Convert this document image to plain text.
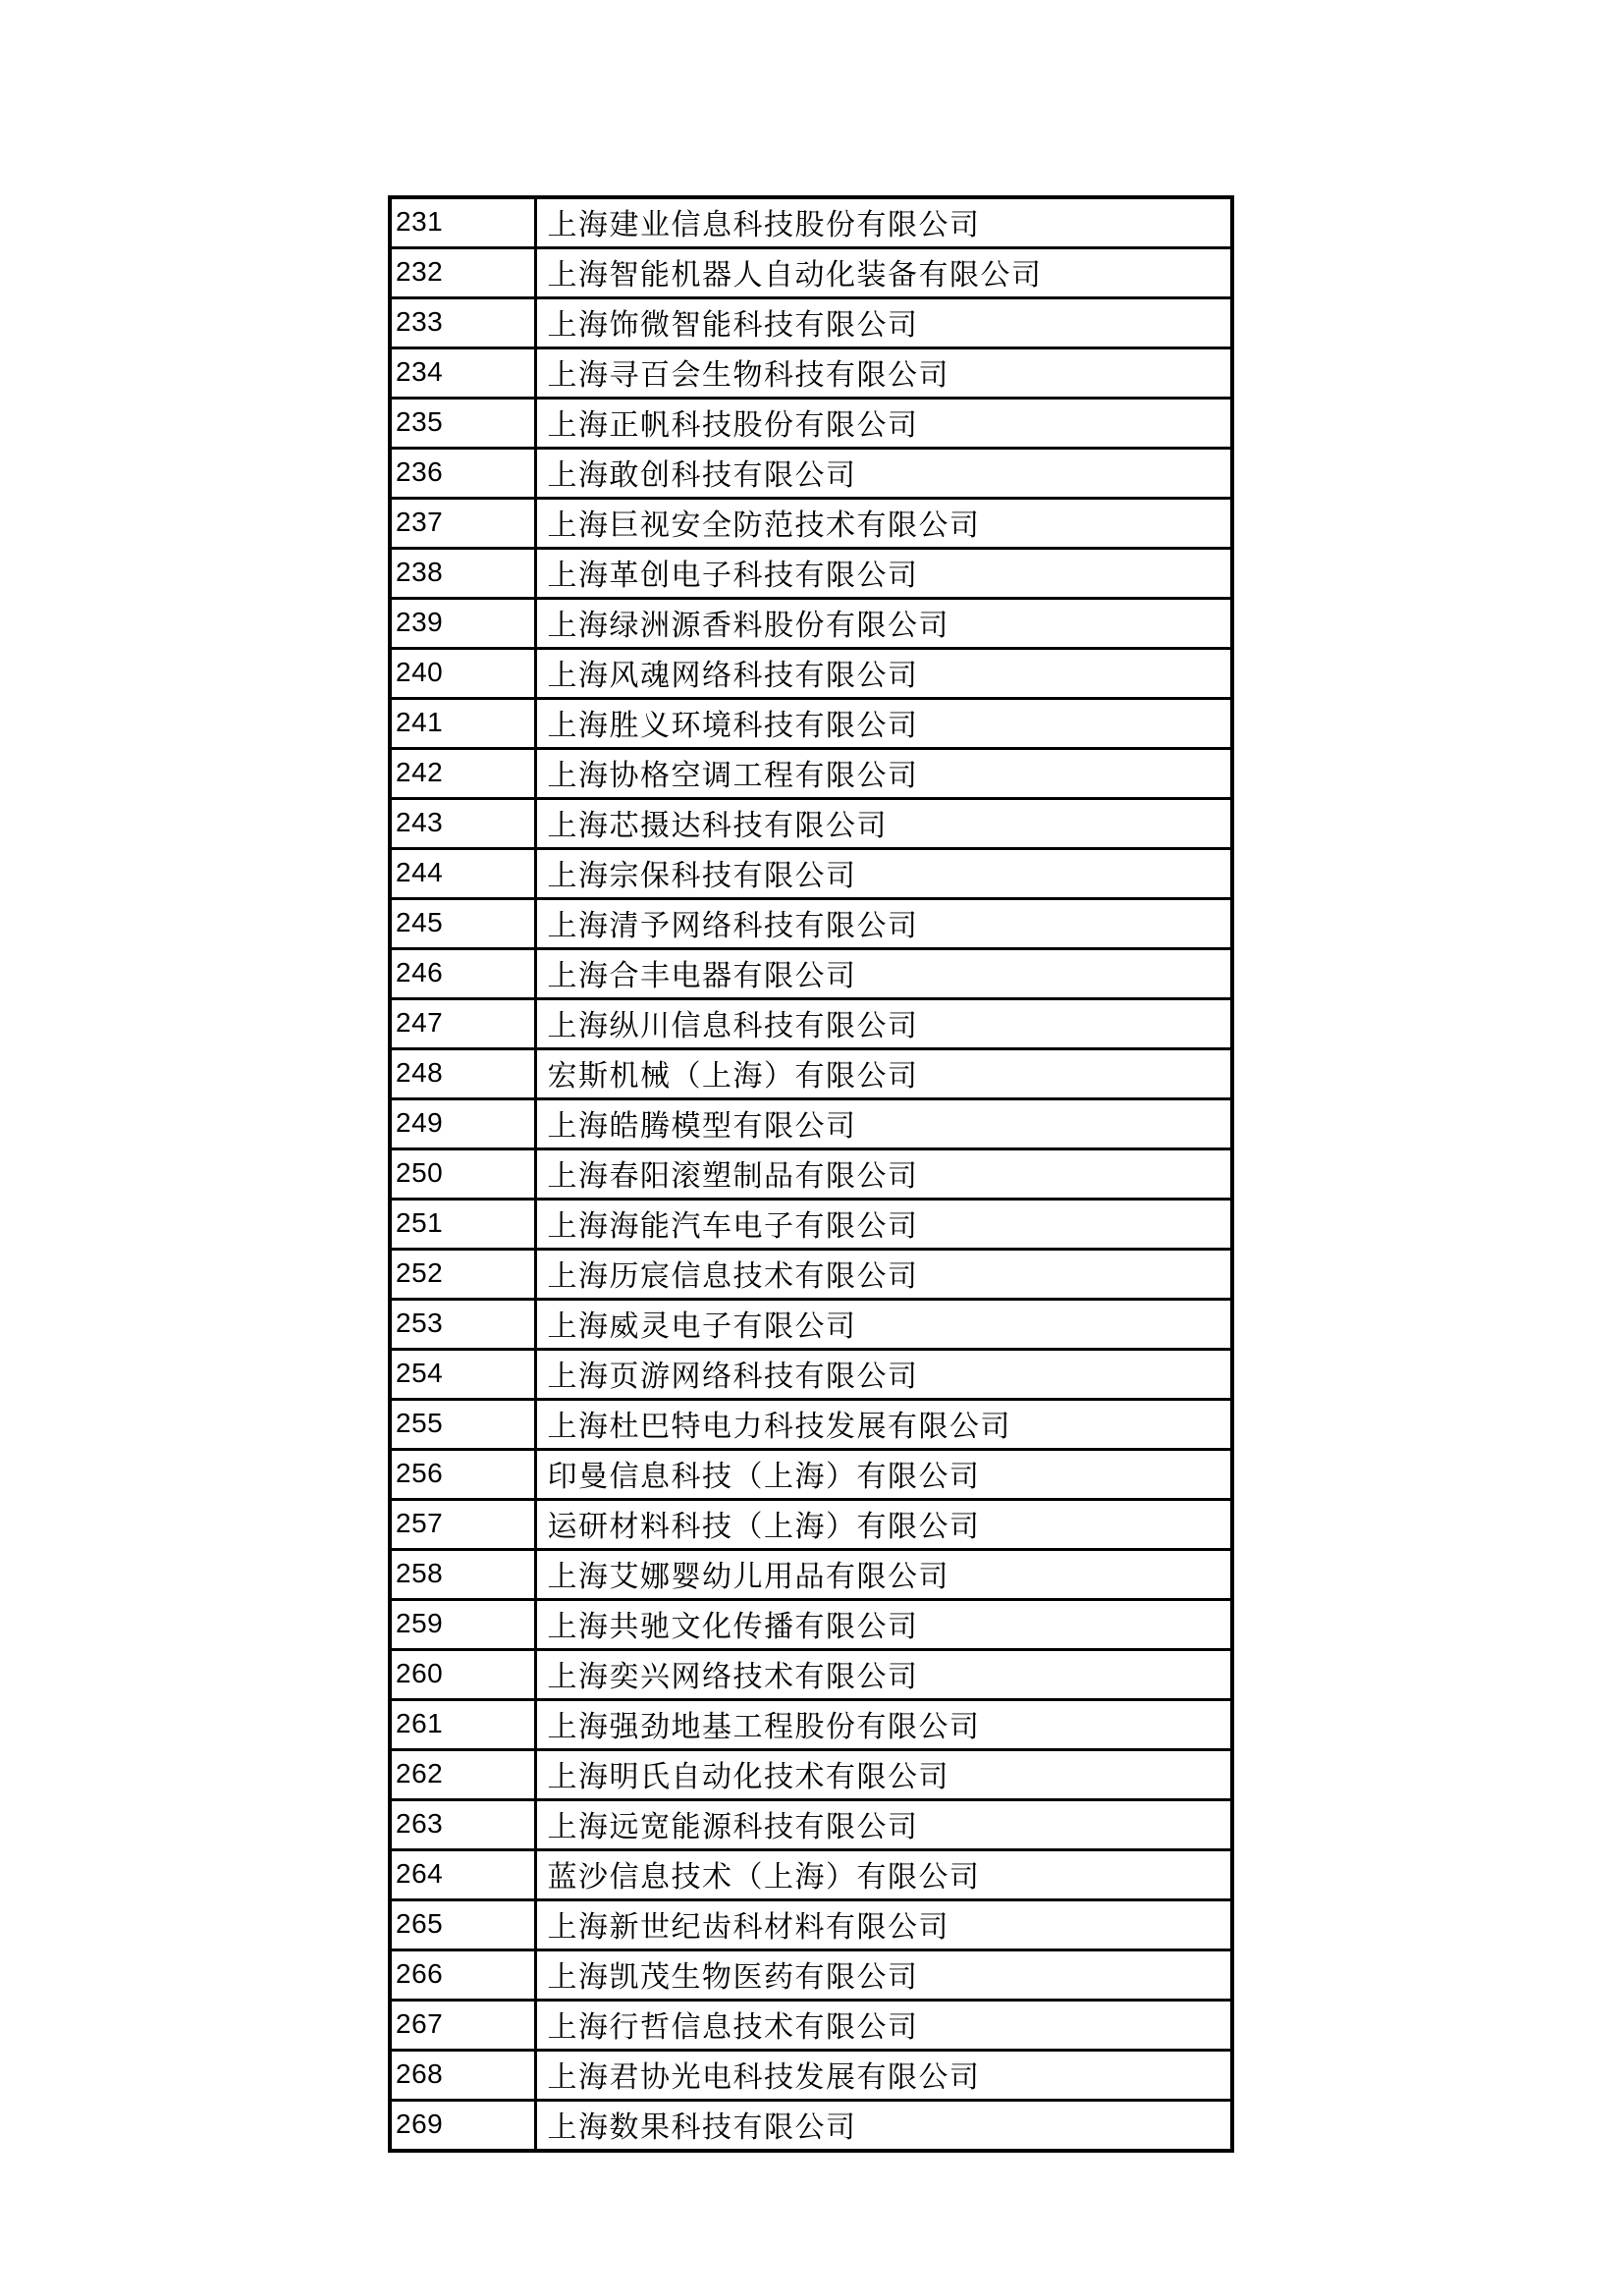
231	上海建业信息科技股份有限公司
232	上海智能机器人自动化装备有限公司
233	上海饰微智能科技有限公司
234	上海寻百会生物科技有限公司
235	上海正帆科技股份有限公司
236	上海敢创科技有限公司
237	上海巨视安全防范技术有限公司
238	上海革创电子科技有限公司
239	上海绿洲源香料股份有限公司
240	上海风魂网络科技有限公司
241	上海胜义环境科技有限公司
242	上海协格空调工程有限公司
243	上海芯摄达科技有限公司
244	上海宗保科技有限公司
245	上海清予网络科技有限公司
246	上海合丰电器有限公司
247	上海纵川信息科技有限公司
248	宏斯机械（上海）有限公司
249	上海皓腾模型有限公司
250	上海春阳滚塑制品有限公司
251	上海海能汽车电子有限公司
252	上海历宸信息技术有限公司
253	上海威灵电子有限公司
254	上海页游网络科技有限公司
255	上海杜巴特电力科技发展有限公司
256	印曼信息科技（上海）有限公司
257	运研材料科技（上海）有限公司
258	上海艾娜婴幼儿用品有限公司
259	上海共驰文化传播有限公司
260	上海奕兴网络技术有限公司
261	上海强劲地基工程股份有限公司
262	上海明氏自动化技术有限公司
263	上海远宽能源科技有限公司
264	蓝沙信息技术（上海）有限公司
265	上海新世纪齿科材料有限公司
266	上海凯茂生物医药有限公司
267	上海行哲信息技术有限公司
268	上海君协光电科技发展有限公司
269	上海数果科技有限公司
